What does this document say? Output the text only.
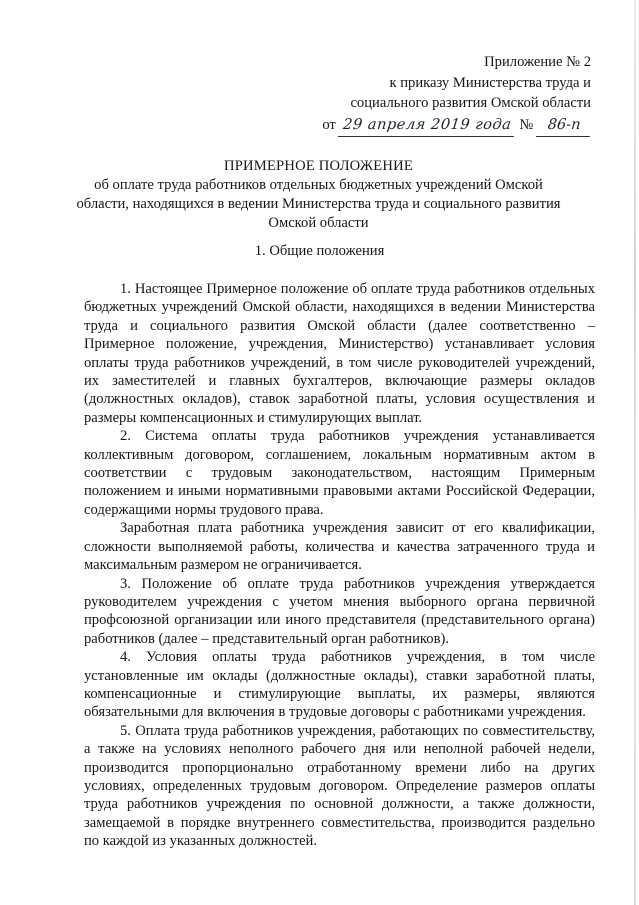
Приложение № 2
к приказу Министерства труда и
социального развития Омской области
от 29 апреля 2019 года № 86-п
ПРИМЕРНОЕ ПОЛОЖЕНИЕ
об оплате труда работников отдельных бюджетных учреждений Омской области, находящихся в ведении Министерства труда и социального развития Омской области
1. Общие положения

1. Настоящее Примерное положение об оплате труда работников отдельных бюджетных учреждений Омской области, находящихся в ведении Министерства труда и социального развития Омской области (далее соответственно – Примерное положение, учреждения, Министерство) устанавливает условия оплаты труда работников учреждений, в том числе руководителей учреждений, их заместителей и главных бухгалтеров, включающие размеры окладов (должностных окладов), ставок заработной платы, условия осуществления и размеры компенсационных и стимулирующих выплат.

2. Система оплаты труда работников учреждения устанавливается коллективным договором, соглашением, локальным нормативным актом в соответствии с трудовым законодательством, настоящим Примерным положением и иными нормативными правовыми актами Российской Федерации, содержащими нормы трудового права.

Заработная плата работника учреждения зависит от его квалификации, сложности выполняемой работы, количества и качества затраченного труда и максимальным размером не ограничивается.

3. Положение об оплате труда работников учреждения утверждается руководителем учреждения с учетом мнения выборного органа первичной профсоюзной организации или иного представителя (представительного органа) работников (далее – представительный орган работников).

4. Условия оплаты труда работников учреждения, в том числе установленные им оклады (должностные оклады), ставки заработной платы, компенсационные и стимулирующие выплаты, их размеры, являются обязательными для включения в трудовые договоры с работниками учреждения.

5. Оплата труда работников учреждения, работающих по совместительству, а также на условиях неполного рабочего дня или неполной рабочей недели, производится пропорционально отработанному времени либо на других условиях, определенных трудовым договором. Определение размеров оплаты труда работников учреждения по основной должности, а также должности, замещаемой в порядке внутреннего совместительства, производится раздельно по каждой из указанных должностей.
